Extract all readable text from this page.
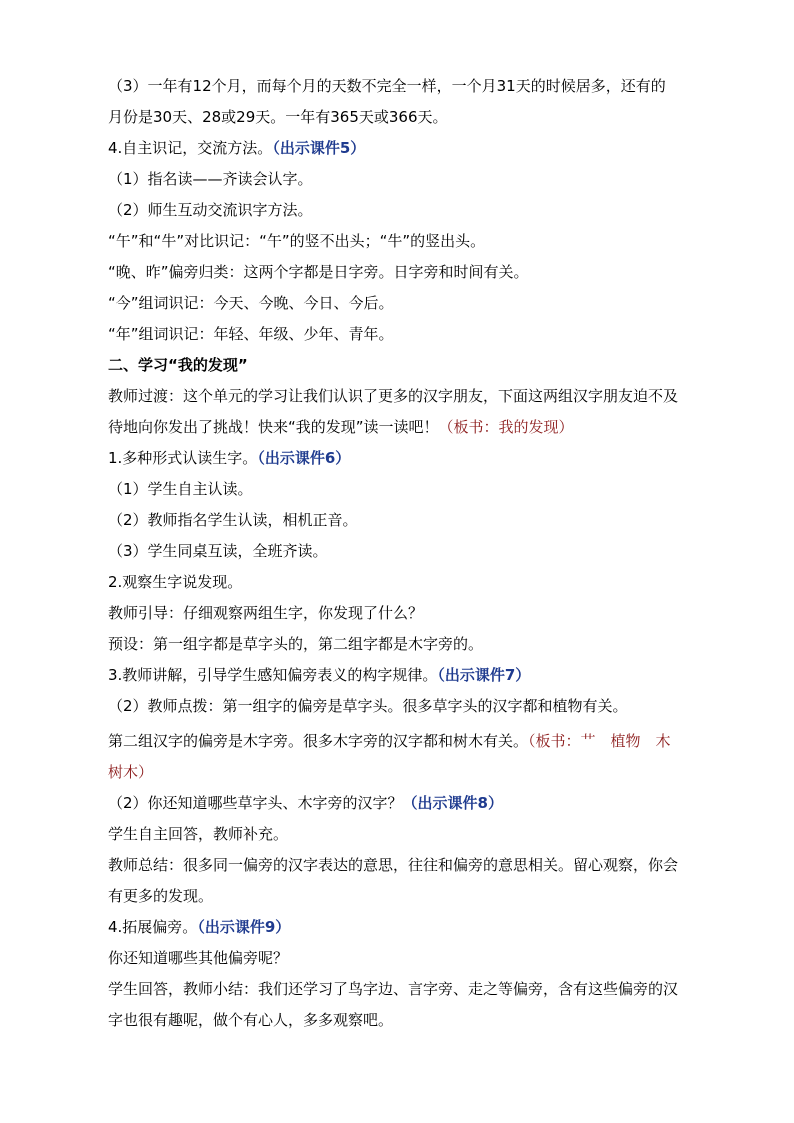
（3）一年有12个月，而每个月的天数不完全一样，一个月31天的时候居多，还有的
月份是30天、28或29天。一年有365天或366天。
4.自主识记，交流方法。（出示课件5）
（1）指名读——齐读会认字。
（2）师生互动交流识字方法。
“午”和“牛”对比识记：“午”的竖不出头；“牛”的竖出头。
“晚、昨”偏旁归类：这两个字都是日字旁。日字旁和时间有关。
“今”组词识记：今天、今晚、今日、今后。
“年”组词识记：年轻、年级、少年、青年。
二、学习“我的发现”
教师过渡：这个单元的学习让我们认识了更多的汉字朋友，下面这两组汉字朋友迫不及
待地向你发出了挑战！快来“我的发现”读一读吧！（板书：我的发现）
1.多种形式认读生字。（出示课件6）
（1）学生自主认读。
（2）教师指名学生认读，相机正音。
（3）学生同桌互读，全班齐读。
2.观察生字说发现。
教师引导：仔细观察两组生字，你发现了什么？
预设：第一组字都是草字头的，第二组字都是木字旁的。
3.教师讲解，引导学生感知偏旁表义的构字规律。（出示课件7）
（2）教师点拨：第一组字的偏旁是草字头。很多草字头的汉字都和植物有关。
第二组汉字的偏旁是木字旁。很多木字旁的汉字都和树木有关。（板书：艹　植物　木
树木）
（2）你还知道哪些草字头、木字旁的汉字？（出示课件8）
学生自主回答，教师补充。
教师总结：很多同一偏旁的汉字表达的意思，往往和偏旁的意思相关。留心观察，你会
有更多的发现。
4.拓展偏旁。（出示课件9）
你还知道哪些其他偏旁呢？
学生回答，教师小结：我们还学习了鸟字边、言字旁、走之等偏旁，含有这些偏旁的汉
字也很有趣呢，做个有心人，多多观察吧。
